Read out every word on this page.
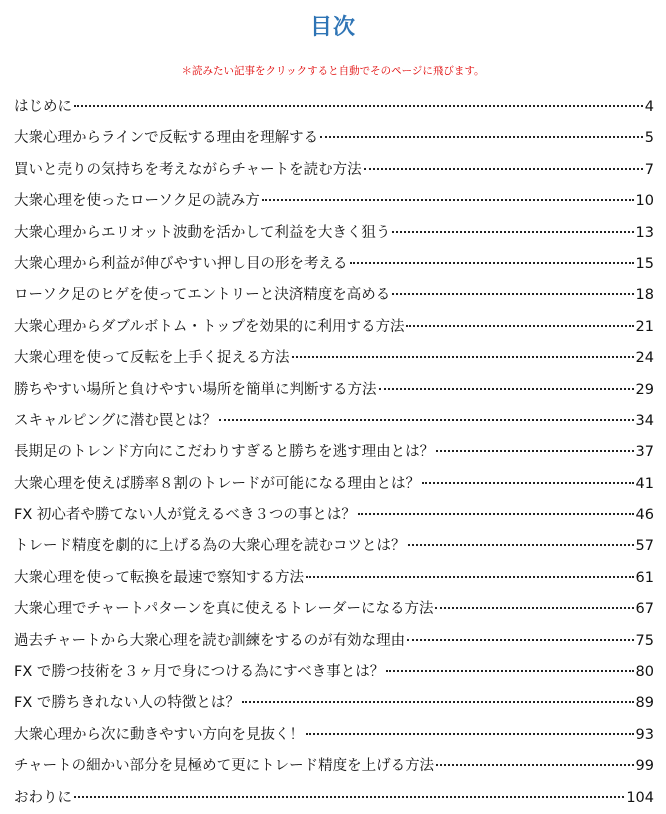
目次
＊読みたい記事をクリックすると自動でそのページに飛びます。
はじめに	4
大衆心理からラインで反転する理由を理解する	5
買いと売りの気持ちを考えながらチャートを読む方法	7
大衆心理を使ったローソク足の読み方	10
大衆心理からエリオット波動を活かして利益を大きく狙う	13
大衆心理から利益が伸びやすい押し目の形を考える	15
ローソク足のヒゲを使ってエントリーと決済精度を高める	18
大衆心理からダブルボトム・トップを効果的に利用する方法	21
大衆心理を使って反転を上手く捉える方法	24
勝ちやすい場所と負けやすい場所を簡単に判断する方法	29
スキャルピングに潜む罠とは？	34
長期足のトレンド方向にこだわりすぎると勝ちを逃す理由とは？	37
大衆心理を使えば勝率８割のトレードが可能になる理由とは？	41
FX 初心者や勝てない人が覚えるべき３つの事とは？	46
トレード精度を劇的に上げる為の大衆心理を読むコツとは？	57
大衆心理を使って転換を最速で察知する方法	61
大衆心理でチャートパターンを真に使えるトレーダーになる方法	67
過去チャートから大衆心理を読む訓練をするのが有効な理由	75
FX で勝つ技術を３ヶ月で身につける為にすべき事とは？	80
FX で勝ちきれない人の特徴とは？	89
大衆心理から次に動きやすい方向を見抜く！	93
チャートの細かい部分を見極めて更にトレード精度を上げる方法	99
おわりに	104
